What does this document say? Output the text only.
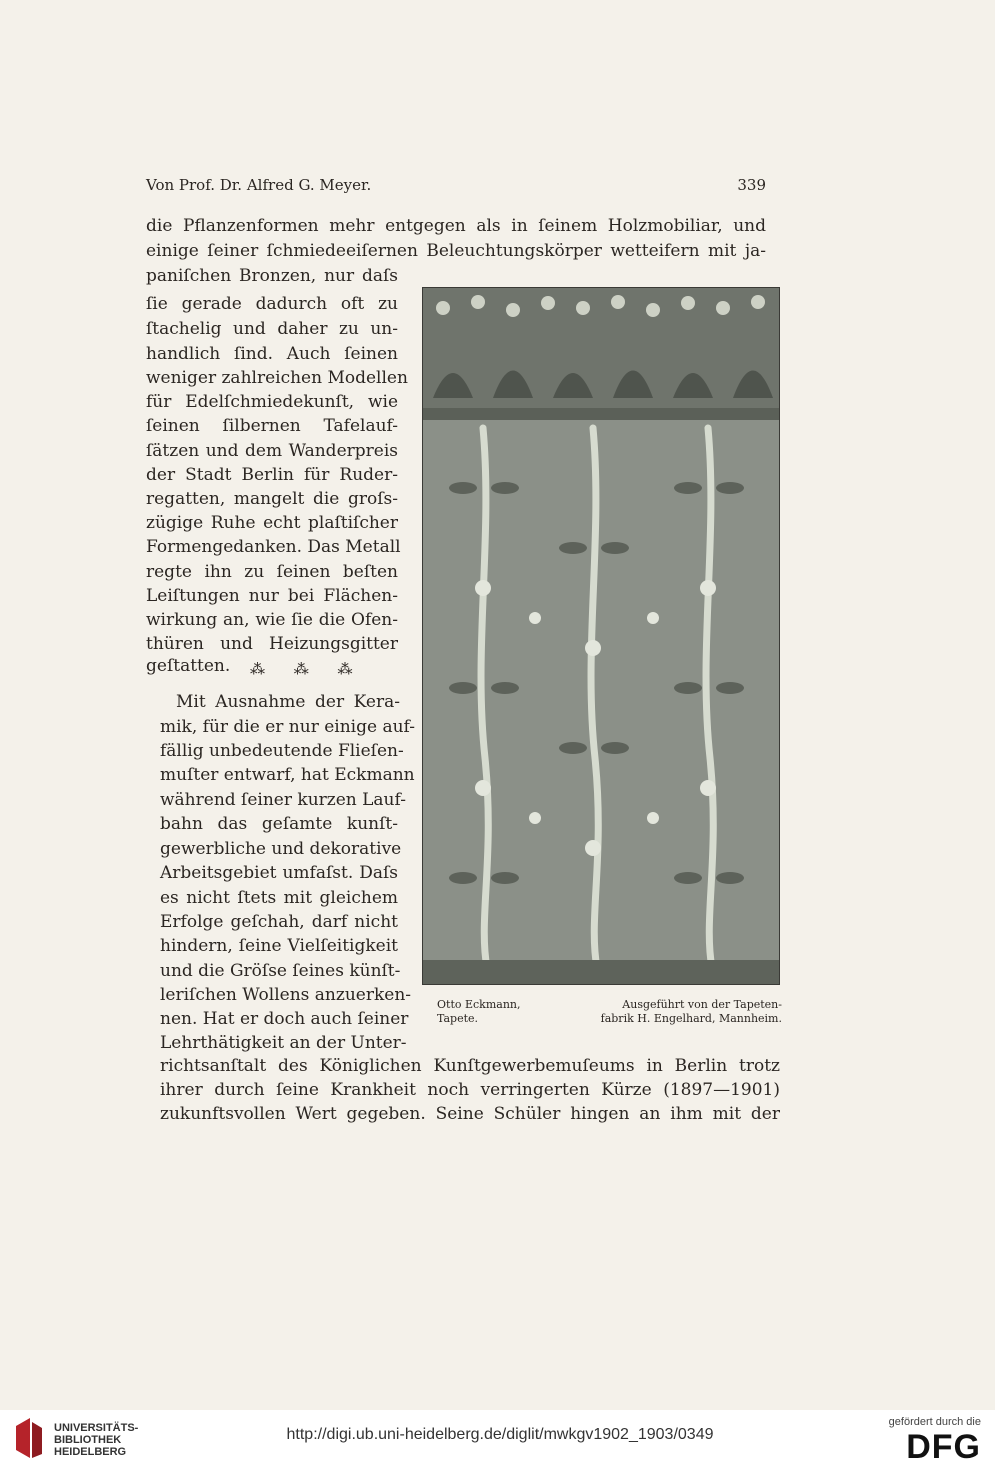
Von Prof. Dr. Alfred G. Meyer.	339
die Pflanzenformen mehr entgegen als in ſeinem Holzmobiliar, und
einige ſeiner ſchmiedeeiſernen Beleuchtungskörper wetteifern mit ja-
paniſchen Bronzen, nur daſs
ſie gerade dadurch oft zu
ſtachelig und daher zu un-
handlich ſind. Auch ſeinen
weniger zahlreichen Modellen
für Edelſchmiedekunſt, wie
ſeinen ſilbernen Tafelauf-
ſätzen und dem Wanderpreis
der Stadt Berlin für Ruder-
regatten, mangelt die groſs-
zügige Ruhe echt plaſtiſcher
Formengedanken. Das Metall
regte ihn zu ſeinen beſten
Leiſtungen nur bei Flächen-
wirkung an, wie ſie die Ofen-
thüren und Heizungsgitter
geſtatten.	⁂ ⁂ ⁂
Mit Ausnahme der Kera-
mik, für die er nur einige auf-
fällig unbedeutende Flieſen-
muſter entwarf, hat Eckmann
während ſeiner kurzen Lauf-
bahn das geſamte kunſt-
gewerbliche und dekorative
Arbeitsgebiet umfaſst. Daſs
es nicht ſtets mit gleichem
Erfolge geſchah, darf nicht
hindern, ſeine Vielſeitigkeit
und die Gröſse ſeines künſt-
leriſchen Wollens anzuerken-
nen. Hat er doch auch ſeiner
Lehrthätigkeit an der Unter-
richtsanſtalt des Königlichen Kunſtgewerbemuſeums in Berlin trotz
ihrer durch ſeine Krankheit noch verringerten Kürze (1897—1901)
zukunftsvollen Wert gegeben. Seine Schüler hingen an ihm mit der
Otto Eckmann,
Tapete.
Ausgeführt von der Tapeten-
fabrik H. Engelhard, Mannheim.
UNIVERSITÄTS-
BIBLIOTHEK
HEIDELBERG
http://digi.ub.uni-heidelberg.de/diglit/mwkgv1902_1903/0349
gefördert durch die
DFG
